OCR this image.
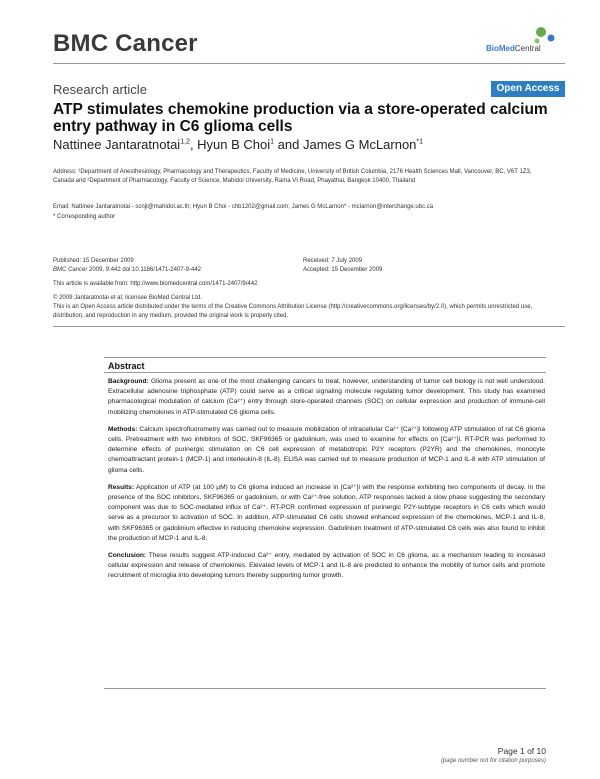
BMC Cancer	BioMedCentral
Research article	Open Access
ATP stimulates chemokine production via a store-operated calcium entry pathway in C6 glioma cells
Nattinee Jantaratnotai$^{1,2}$, Hyun B Choi$^1$ and James G McLarnon$^{*1}$
Address: ¹Department of Anesthesiology, Pharmacology and Therapeutics, Faculty of Medicine, University of British Columbia, 2176 Health Sciences Mall, Vancouver, BC, V6T 1Z3, Canada and ²Department of Pharmacology, Faculty of Science, Mahidol University, Rama VI Road, Phayathai, Bangkok 10400, Thailand
Email: Nattinee Jantaratnotai - scnjt@mahidol.ac.th; Hyun B Choi - chb1202@gmail.com; James G McLarnon* - mclarnon@interchange.ubc.ca
* Corresponding author
Published: 15 December 2009	Received: 7 July 2009
BMC Cancer 2009, 9:442 doi:10.1186/1471-2407-9-442	Accepted: 15 December 2009
This article is available from: http://www.biomedcentral.com/1471-2407/9/442
© 2009 Jantaratnotai et al; licensee BioMed Central Ltd.
This is an Open Access article distributed under the terms of the Creative Commons Attribution License (http://creativecommons.org/licenses/by/2.0), which permits unrestricted use, distribution, and reproduction in any medium, provided the original work is properly cited.
Abstract

Background: Glioma present as one of the most challenging cancers to treat, however, understanding of tumor cell biology is not well understood. Extracellular adenosine triphosphate (ATP) could serve as a critical signaling molecule regulating tumor development. This study has examined pharmacological modulation of calcium (Ca²⁺) entry through store-operated channels (SOC) on cellular expression and production of immune-cell mobilizing chemokines in ATP-stimulated C6 glioma cells.

Methods: Calcium spectrofluorometry was carried out to measure mobilization of intracellular Ca²⁺ [Ca²⁺]i following ATP stimulation of rat C6 glioma cells. Pretreatment with two inhibitors of SOC, SKF96365 or gadolinium, was used to examine for effects on [Ca²⁺]i. RT-PCR was performed to determine effects of purinergic stimulation on C6 cell expression of metabotropic P2Y receptors (P2YR) and the chemokines, monocyte chemoattractant protein-1 (MCP-1) and interleukin-8 (IL-8). ELISA was carried out to measure production of MCP-1 and IL-8 with ATP stimulation of glioma cells.

Results: Application of ATP (at 100 µM) to C6 glioma induced an increase in [Ca²⁺]i with the response exhibiting two components of decay. In the presence of the SOC inhibitors, SKF96365 or gadolinium, or with Ca²⁺-free solution, ATP responses lacked a slow phase suggesting the secondary component was due to SOC-mediated influx of Ca²⁺. RT-PCR confirmed expression of purinergic P2Y-subtype receptors in C6 cells which would serve as a precursor to activation of SOC. In addition, ATP-stimulated C6 cells showed enhanced expression of the chemokines, MCP-1 and IL-8, with SKF96365 or gadolinium effective in reducing chemokine expression. Gadolinium treatment of ATP-stimulated C6 cells was also found to inhibit the production of MCP-1 and IL-8.

Conclusion: These results suggest ATP-induced Ca²⁺ entry, mediated by activation of SOC in C6 glioma, as a mechanism leading to increased cellular expression and release of chemokines. Elevated levels of MCP-1 and IL-8 are predicted to enhance the mobility of tumor cells and promote recruitment of microglia into developing tumors thereby supporting tumor growth.

Page 1 of 10
(page number not for citation purposes)
